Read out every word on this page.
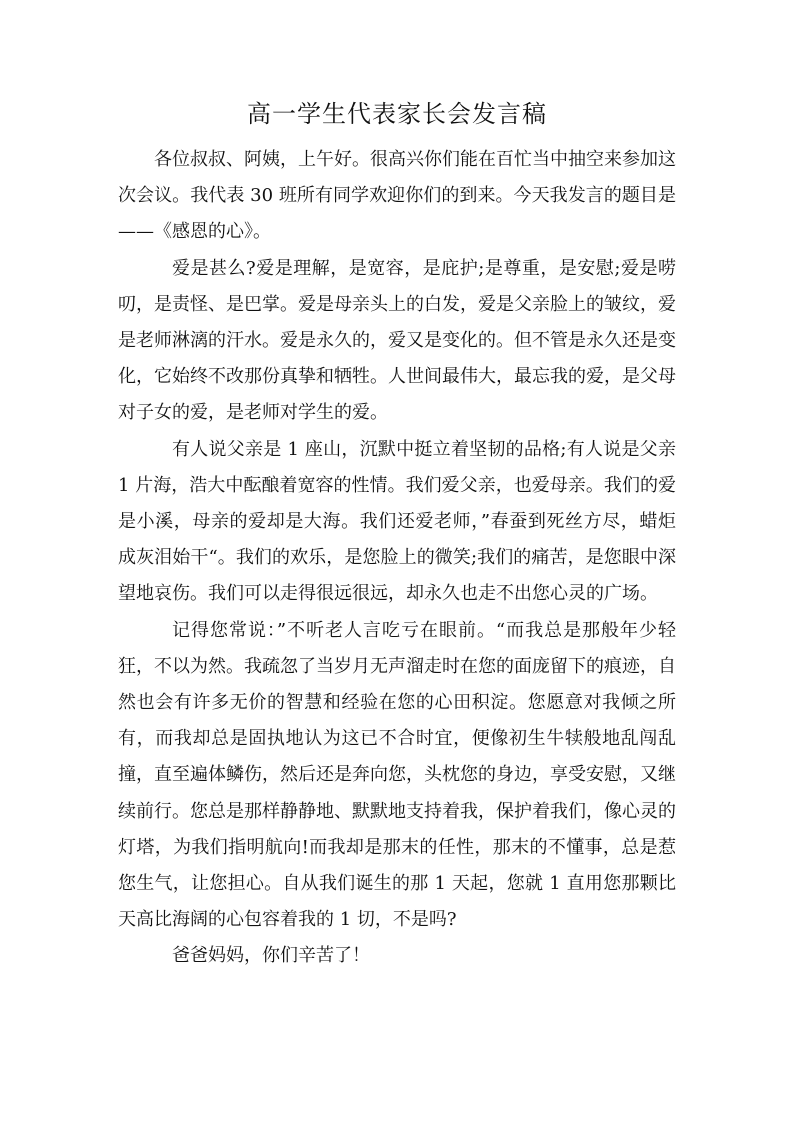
高一学生代表家长会发言稿

各位叔叔、阿姨，上午好。很高兴你们能在百忙当中抽空来参加这次会议。我代表 30 班所有同学欢迎你们的到来。今天我发言的题目是——《感恩的心》。

爱是甚么?爱是理解，是宽容，是庇护;是尊重，是安慰;爱是唠叨，是责怪、是巴掌。爱是母亲头上的白发，爱是父亲脸上的皱纹，爱是老师淋漓的汗水。爱是永久的，爱又是变化的。但不管是永久还是变化，它始终不改那份真挚和牺牲。人世间最伟大，最忘我的爱，是父母对子女的爱，是老师对学生的爱。

有人说父亲是 1 座山，沉默中挺立着坚韧的品格;有人说是父亲 1 片海，浩大中酝酿着宽容的性情。我们爱父亲，也爱母亲。我们的爱是小溪，母亲的爱却是大海。我们还爱老师，”春蚕到死丝方尽，蜡炬成灰泪始干“。我们的欢乐，是您脸上的微笑;我们的痛苦，是您眼中深望地哀伤。我们可以走得很远很远，却永久也走不出您心灵的广场。

记得您常说：”不听老人言吃亏在眼前。“而我总是那般年少轻狂，不以为然。我疏忽了当岁月无声溜走时在您的面庞留下的痕迹，自然也会有许多无价的智慧和经验在您的心田积淀。您愿意对我倾之所有，而我却总是固执地认为这已不合时宜，便像初生牛犊般地乱闯乱撞，直至遍体鳞伤，然后还是奔向您，头枕您的身边，享受安慰，又继续前行。您总是那样静静地、默默地支持着我，保护着我们，像心灵的灯塔，为我们指明航向!而我却是那末的任性，那末的不懂事，总是惹您生气，让您担心。自从我们诞生的那 1 天起，您就 1 直用您那颗比天高比海阔的心包容着我的 1 切，不是吗?

爸爸妈妈，你们辛苦了！
